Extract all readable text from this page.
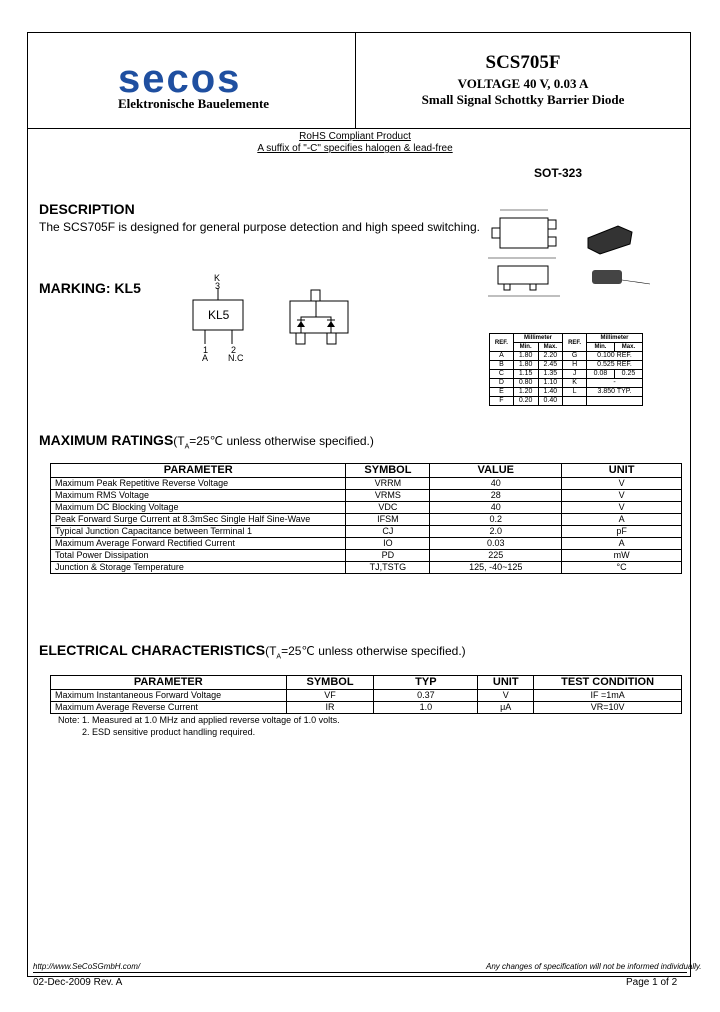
secos
Elektronische Bauelemente
SCS705F
VOLTAGE 40 V, 0.03 A
Small Signal Schottky Barrier Diode
RoHS Compliant Product
A suffix of "-C" specifies halogen & lead-free
SOT-323
DESCRIPTION
The SCS705F is designed for general purpose detection and high speed switching.
MARKING: KL5
KL5
K
3
1	2
A N.C
REF.	Millimeter		REF.	Millimeter	
	Min.	Max.		Min.	Max.
A	1.80	2.20	G	0.100 REF.	
B	1.80	2.45	H	0.525 REF.	
C	1.15	1.35	J	0.08	0.25
D	0.80	1.10	K	-	
E	1.20	1.40	L	3.850 TYP.	
F	0.20	0.40			
MAXIMUM $RATINGS(T_A=25℃$ unless otherwise specified.)
PARAMETER	SYMBOL	VALUE	UNIT
Maximum Peak Repetitive Reverse Voltage	VRRM	40	V
Maximum RMS Voltage	VRMS	28	V
Maximum DC Blocking Voltage	VDC	40	V
Peak Forward Surge Current at 8.3mSec Single Half Sine-Wave	IFSM	0.2	A
Typical Junction Capacitance between Terminal 1	CJ	2.0	pF
Maximum Average Forward Rectified Current	IO	0.03	A
Total Power Dissipation	PD	225	mW
Junction & Storage Temperature	TJ,TSTG	125, -40~125	°C
ELECTRICAL $CHARACTERISTICS(T_A=25℃$ unless otherwise specified.)
PARAMETER	SYMBOL	TYP	UNIT	TEST CONDITION
Maximum Instantaneous Forward Voltage	VF	0.37	V	IF =1mA
Maximum Average Reverse Current	IR	1.0	μA	VR=10V
Note: 1. Measured at 1.0 MHz and applied reverse voltage of 1.0 volts.
2. ESD sensitive product handling required.
http://www.SeCoSGmbH.com/	Any changes of specification will not be informed individually.
02-Dec-2009 Rev. A	Page 1 of 2
